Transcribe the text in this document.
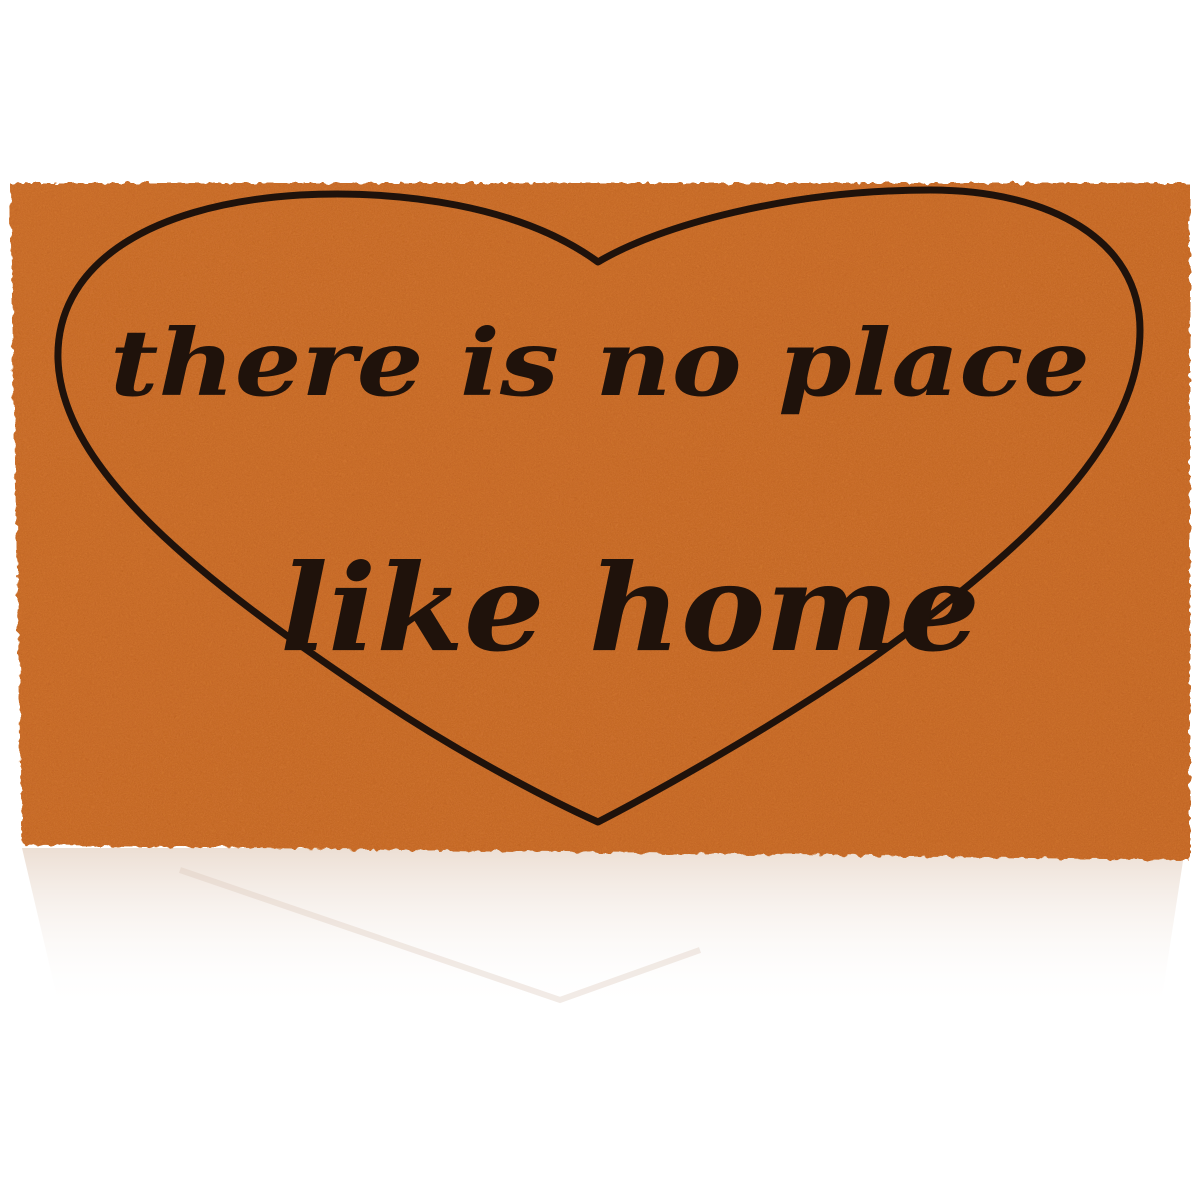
there is no place
like home
